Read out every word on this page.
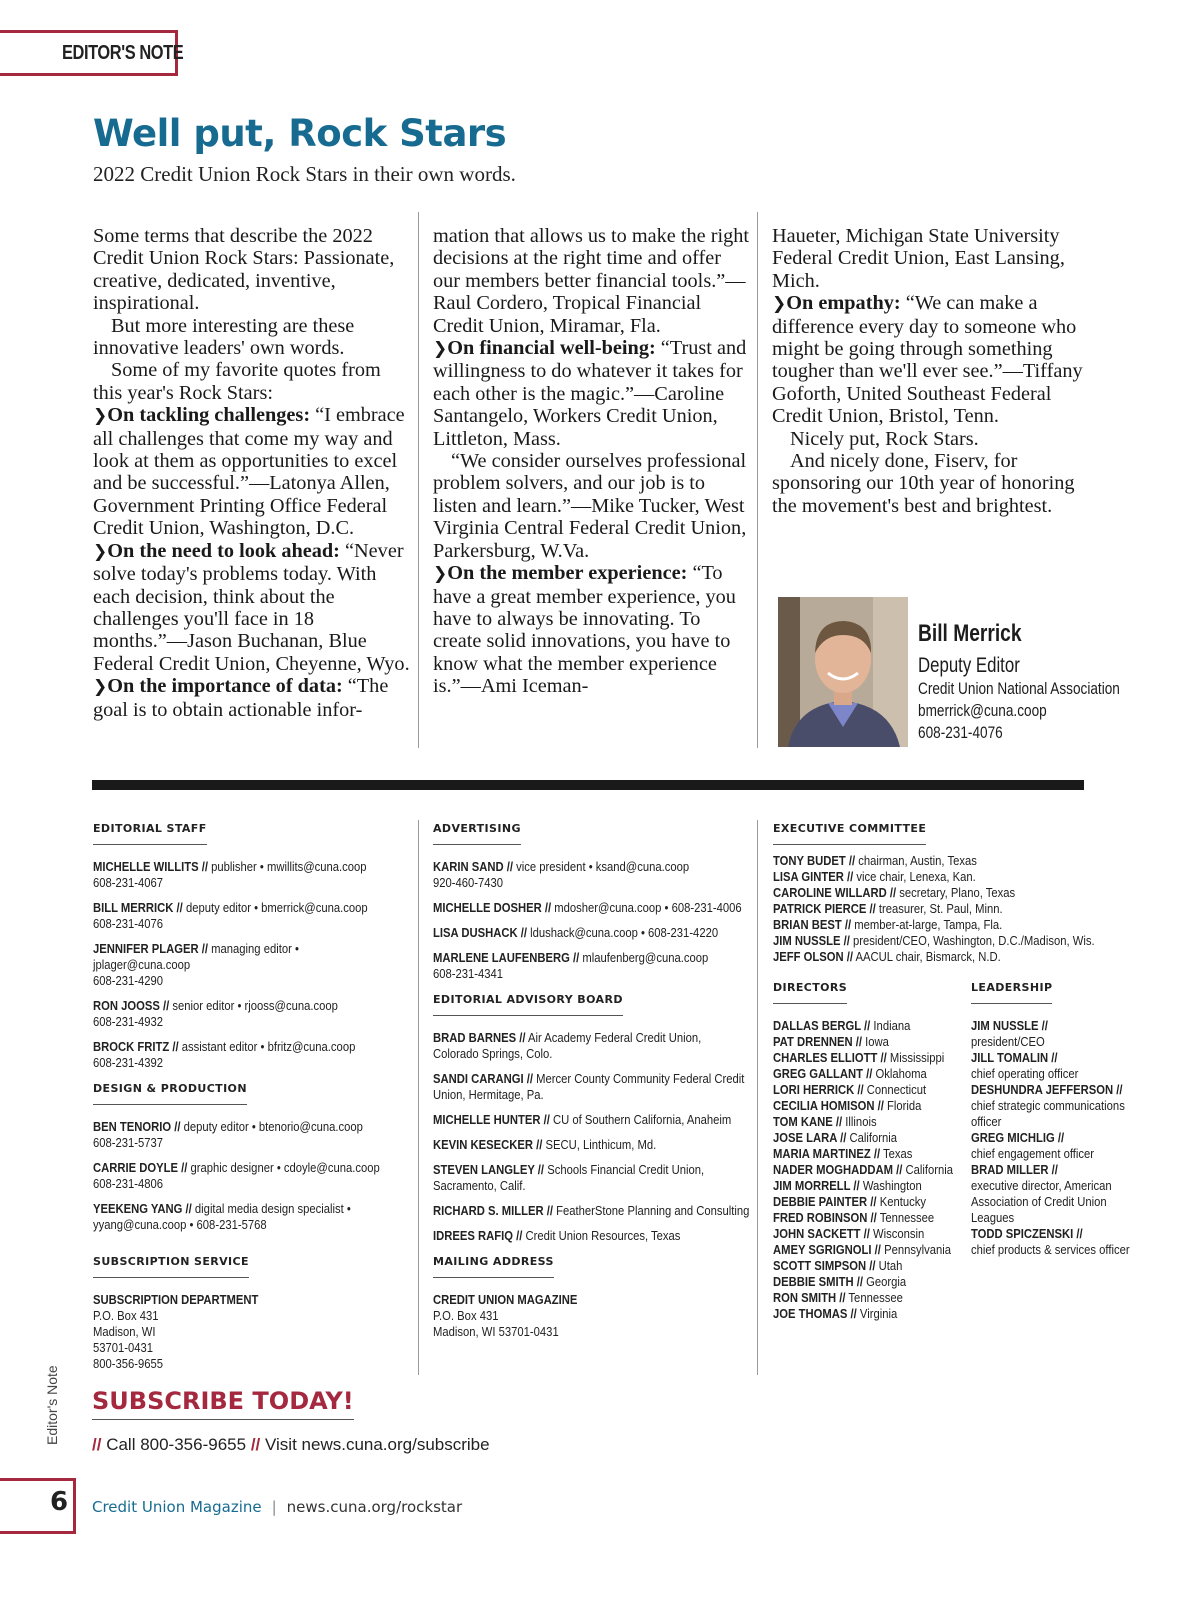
EDITOR'S NOTE
Well put, Rock Stars
2022 Credit Union Rock Stars in their own words.

Some terms that describe the 2022 Credit Union Rock Stars: Passionate, creative, dedicated, inventive, inspirational.

But more interesting are these innovative leaders' own words.

Some of my favorite quotes from this year's Rock Stars:

❯On tackling challenges: “I embrace all challenges that come my way and look at them as opportunities to excel and be successful.”—Latonya Allen, Government Printing Office Federal Credit Union, Washington, D.C.

❯On the need to look ahead: “Never solve today's problems today. With each decision, think about the challenges you'll face in 18 months.”—Jason Buchanan, Blue Federal Credit Union, Cheyenne, Wyo.

❯On the importance of data: “The goal is to obtain actionable infor-

mation that allows us to make the right decisions at the right time and offer our members better financial tools.”—Raul Cordero, Tropical Financial Credit Union, Miramar, Fla.

❯On financial well-being: “Trust and willingness to do whatever it takes for each other is the magic.”—Caroline Santangelo, Workers Credit Union, Littleton, Mass.

“We consider ourselves professional problem solvers, and our job is to listen and learn.”—Mike Tucker, West Virginia Central Federal Credit Union, Parkersburg, W.Va.

❯On the member experience: “To have a great member experience, you have to always be innovating. To create solid innovations, you have to know what the member experience is.”—Ami Iceman-

Haueter, Michigan State University Federal Credit Union, East Lansing, Mich.

❯On empathy: “We can make a difference every day to someone who might be going through something tougher than we'll ever see.”—Tiffany Goforth, United Southeast Federal Credit Union, Bristol, Tenn.

Nicely put, Rock Stars.

And nicely done, Fiserv, for sponsoring our 10th year of honoring the movement's best and brightest.

Bill Merrick
Deputy Editor
Credit Union National Association
bmerrick@cuna.coop
608-231-4076
EDITORIAL STAFF
MICHELLE WILLITS // publisher • mwillits@cuna.coop
608-231-4067
BILL MERRICK // deputy editor • bmerrick@cuna.coop
608-231-4076
JENNIFER PLAGER // managing editor • jplager@cuna.coop
608-231-4290
RON JOOSS // senior editor • rjooss@cuna.coop
608-231-4932
BROCK FRITZ // assistant editor • bfritz@cuna.coop
608-231-4392
DESIGN & PRODUCTION
BEN TENORIO // deputy editor • btenorio@cuna.coop
608-231-5737
CARRIE DOYLE // graphic designer • cdoyle@cuna.coop
608-231-4806
YEEKENG YANG // digital media design specialist •
yyang@cuna.coop • 608-231-5768
SUBSCRIPTION SERVICE
SUBSCRIPTION DEPARTMENT
P.O. Box 431
Madison, WI
53701-0431
800-356-9655
ADVERTISING
KARIN SAND // vice president • ksand@cuna.coop
920-460-7430
MICHELLE DOSHER // mdosher@cuna.coop • 608-231-4006
LISA DUSHACK // ldushack@cuna.coop • 608-231-4220
MARLENE LAUFENBERG // mlaufenberg@cuna.coop
608-231-4341
EDITORIAL ADVISORY BOARD
BRAD BARNES // Air Academy Federal Credit Union,
Colorado Springs, Colo.
SANDI CARANGI // Mercer County Community Federal Credit
Union, Hermitage, Pa.
MICHELLE HUNTER // CU of Southern California, Anaheim
KEVIN KESECKER // SECU, Linthicum, Md.
STEVEN LANGLEY // Schools Financial Credit Union,
Sacramento, Calif.
RICHARD S. MILLER // FeatherStone Planning and Consulting
IDREES RAFIQ // Credit Union Resources, Texas
MAILING ADDRESS
CREDIT UNION MAGAZINE
P.O. Box 431
Madison, WI 53701-0431
EXECUTIVE COMMITTEE
TONY BUDET // chairman, Austin, Texas
LISA GINTER // vice chair, Lenexa, Kan.
CAROLINE WILLARD // secretary, Plano, Texas
PATRICK PIERCE // treasurer, St. Paul, Minn.
BRIAN BEST // member-at-large, Tampa, Fla.
JIM NUSSLE // president/CEO, Washington, D.C./Madison, Wis.
JEFF OLSON // AACUL chair, Bismarck, N.D.
DIRECTORS
DALLAS BERGL // Indiana
PAT DRENNEN // Iowa
CHARLES ELLIOTT // Mississippi
GREG GALLANT // Oklahoma
LORI HERRICK // Connecticut
CECILIA HOMISON // Florida
TOM KANE // Illinois
JOSE LARA // California
MARIA MARTINEZ // Texas
NADER MOGHADDAM // California
JIM MORRELL // Washington
DEBBIE PAINTER // Kentucky
FRED ROBINSON // Tennessee
JOHN SACKETT // Wisconsin
AMEY SGRIGNOLI // Pennsylvania
SCOTT SIMPSON // Utah
DEBBIE SMITH // Georgia
RON SMITH // Tennessee
JOE THOMAS // Virginia
LEADERSHIP
JIM NUSSLE //
president/CEO
JILL TOMALIN //
chief operating officer
DESHUNDRA JEFFERSON //
chief strategic communications officer
GREG MICHLIG //
chief engagement officer
BRAD MILLER //
executive director, American Association of Credit Union Leagues
TODD SPICZENSKI //
chief products & services officer
SUBSCRIBE TODAY!
// Call 800-356-9655 // Visit news.cuna.org/subscribe
Editor's Note
6 Credit Union Magazine | news.cuna.org/rockstar
